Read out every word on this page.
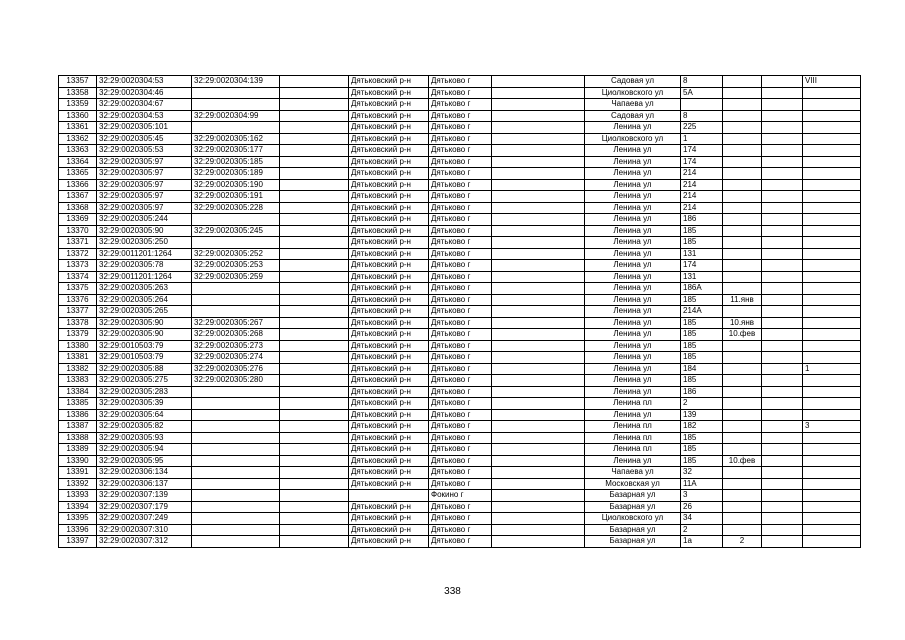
13357	32:29:0020304:53	32:29:0020304:139		Дятьковский р-н	Дятьково г		Садовая ул	8			VIII
13358	32:29:0020304:46			Дятьковский р-н	Дятьково г		Циолковского ул	5А			
13359	32:29:0020304:67			Дятьковский р-н	Дятьково г		Чапаева ул				
13360	32:29:0020304:53	32:29:0020304:99		Дятьковский р-н	Дятьково г		Садовая ул	8			
13361	32:29:0020305:101			Дятьковский р-н	Дятьково г		Ленина ул	225			
13362	32:29:0020305:45	32:29:0020305:162		Дятьковский р-н	Дятьково г		Циолковского ул	1			
13363	32:29:0020305:53	32:29:0020305:177		Дятьковский р-н	Дятьково г		Ленина ул	174			
13364	32:29:0020305:97	32:29:0020305:185		Дятьковский р-н	Дятьково г		Ленина ул	174			
13365	32:29:0020305:97	32:29:0020305:189		Дятьковский р-н	Дятьково г		Ленина ул	214			
13366	32:29:0020305:97	32:29:0020305:190		Дятьковский р-н	Дятьково г		Ленина ул	214			
13367	32:29:0020305:97	32:29:0020305:191		Дятьковский р-н	Дятьково г		Ленина ул	214			
13368	32:29:0020305:97	32:29:0020305:228		Дятьковский р-н	Дятьково г		Ленина ул	214			
13369	32:29:0020305:244			Дятьковский р-н	Дятьково г		Ленина ул	186			
13370	32:29:0020305:90	32:29:0020305:245		Дятьковский р-н	Дятьково г		Ленина ул	185			
13371	32:29:0020305:250			Дятьковский р-н	Дятьково г		Ленина ул	185			
13372	32:29:0011201:1264	32:29:0020305:252		Дятьковский р-н	Дятьково г		Ленина ул	131			
13373	32:29:0020305:78	32:29:0020305:253		Дятьковский р-н	Дятьково г		Ленина ул	174			
13374	32:29:0011201:1264	32:29:0020305:259		Дятьковский р-н	Дятьково г		Ленина ул	131			
13375	32:29:0020305:263			Дятьковский р-н	Дятьково г		Ленина ул	186А			
13376	32:29:0020305:264			Дятьковский р-н	Дятьково г		Ленина ул	185	11.янв		
13377	32:29:0020305:265			Дятьковский р-н	Дятьково г		Ленина ул	214А			
13378	32:29:0020305:90	32:29:0020305:267		Дятьковский р-н	Дятьково г		Ленина ул	185	10.янв		
13379	32:29:0020305:90	32:29:0020305:268		Дятьковский р-н	Дятьково г		Ленина ул	185	10.фев		
13380	32:29:0010503:79	32:29:0020305:273		Дятьковский р-н	Дятьково г		Ленина ул	185			
13381	32:29:0010503:79	32:29:0020305:274		Дятьковский р-н	Дятьково г		Ленина ул	185			
13382	32:29:0020305:88	32:29:0020305:276		Дятьковский р-н	Дятьково г		Ленина ул	184			1
13383	32:29:0020305:275	32:29:0020305:280		Дятьковский р-н	Дятьково г		Ленина ул	185			
13384	32:29:0020305:283			Дятьковский р-н	Дятьково г		Ленина ул	186			
13385	32:29:0020305:39			Дятьковский р-н	Дятьково г		Ленина пл	2			
13386	32:29:0020305:64			Дятьковский р-н	Дятьково г		Ленина ул	139			
13387	32:29:0020305:82			Дятьковский р-н	Дятьково г		Ленина пл	182			3
13388	32:29:0020305:93			Дятьковский р-н	Дятьково г		Ленина пл	185			
13389	32:29:0020305:94			Дятьковский р-н	Дятьково г		Ленина пл	185			
13390	32:29:0020305:95			Дятьковский р-н	Дятьково г		Ленина ул	185	10.фев		
13391	32:29:0020306:134			Дятьковский р-н	Дятьково г		Чапаева ул	32			
13392	32:29:0020306:137			Дятьковский р-н	Дятьково г		Московская ул	11А			
13393	32:29:0020307:139				Фокино г		Базарная ул	3			
13394	32:29:0020307:179			Дятьковский р-н	Дятьково г		Базарная ул	26			
13395	32:29:0020307:249			Дятьковский р-н	Дятьково г		Циолковского ул	34			
13396	32:29:0020307:310			Дятьковский р-н	Дятьково г		Базарная ул	2			
13397	32:29:0020307:312			Дятьковский р-н	Дятьково г		Базарная ул	1а	2		
338
